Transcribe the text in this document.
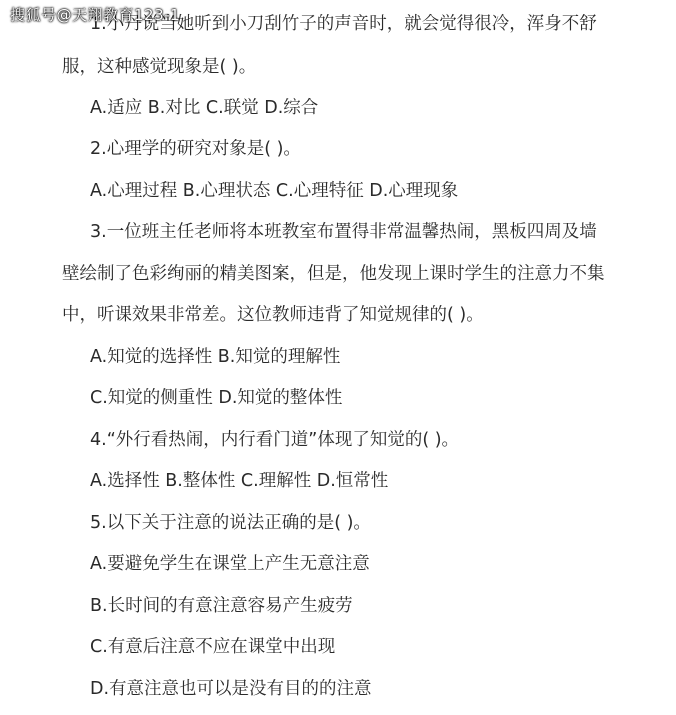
搜狐号@天翔教育123-1
1.小丹说当她听到小刀刮竹子的声音时，就会觉得很冷，浑身不舒
服，这种感觉现象是( )。
A.适应 B.对比 C.联觉 D.综合
2.心理学的研究对象是( )。
A.心理过程 B.心理状态 C.心理特征 D.心理现象
3.一位班主任老师将本班教室布置得非常温馨热闹，黑板四周及墙
壁绘制了色彩绚丽的精美图案，但是，他发现上课时学生的注意力不集
中，听课效果非常差。这位教师违背了知觉规律的( )。
A.知觉的选择性 B.知觉的理解性
C.知觉的侧重性 D.知觉的整体性
4.“外行看热闹，内行看门道”体现了知觉的( )。
A.选择性 B.整体性 C.理解性 D.恒常性
5.以下关于注意的说法正确的是( )。
A.要避免学生在课堂上产生无意注意
B.长时间的有意注意容易产生疲劳
C.有意后注意不应在课堂中出现
D.有意注意也可以是没有目的的注意
